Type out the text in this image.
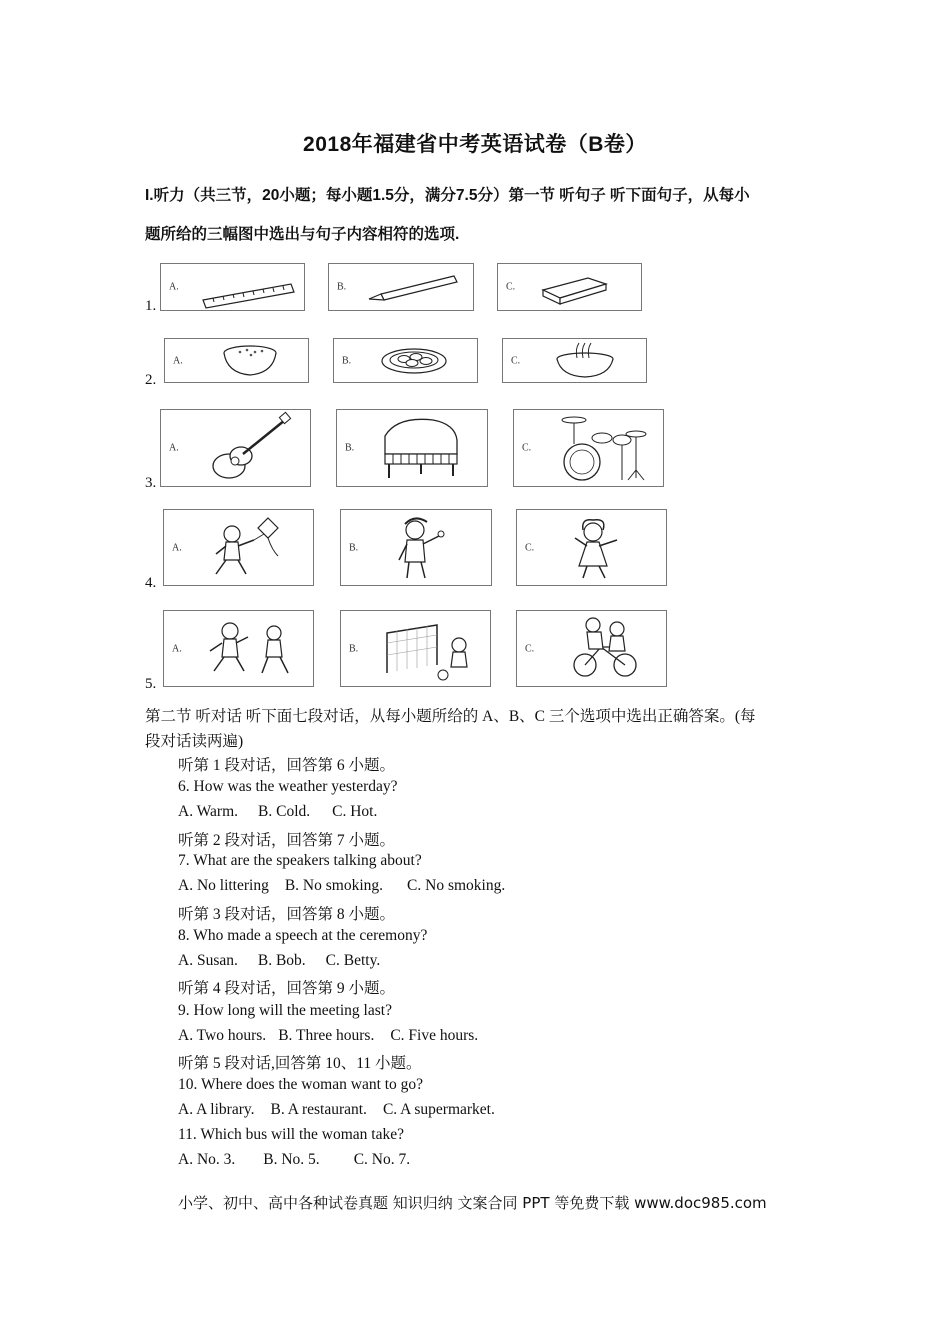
2018年福建省中考英语试卷（B卷）
I.听力（共三节，20小题；每小题1.5分，满分7.5分）第一节 听句子 听下面句子，从每小
题所给的三幅图中选出与句子内容相符的选项.
1.
A.	B.	C.
2.
A.	B.	C.
3.
A.	B.	C.
4.
A.	B.	C.
5.
A.	B.	C.
第二节 听对话 听下面七段对话，从每小题所给的 A、B、C 三个选项中选出正确答案。(每
段对话读两遍)
听第 1 段对话，回答第 6 小题。
6. How was the weather yesterday?
A. Warm. B. Cold. C. Hot.
听第 2 段对话，回答第 7 小题。
7. What are the speakers talking about?
A. No littering B. No smoking. C. No smoking.
听第 3 段对话，回答第 8 小题。
8. Who made a speech at the ceremony?
A. Susan. B. Bob. C. Betty.
听第 4 段对话，回答第 9 小题。
9. How long will the meeting last?
A. Two hours. B. Three hours. C. Five hours.
听第 5 段对话,回答第 10、11 小题。
10. Where does the woman want to go?
A. A library. B. A restaurant. C. A supermarket.
11. Which bus will the woman take?
A. No. 3. B. No. 5. C. No. 7.
小学、初中、高中各种试卷真题 知识归纳 文案合同 PPT 等免费下载 www.doc985.com
